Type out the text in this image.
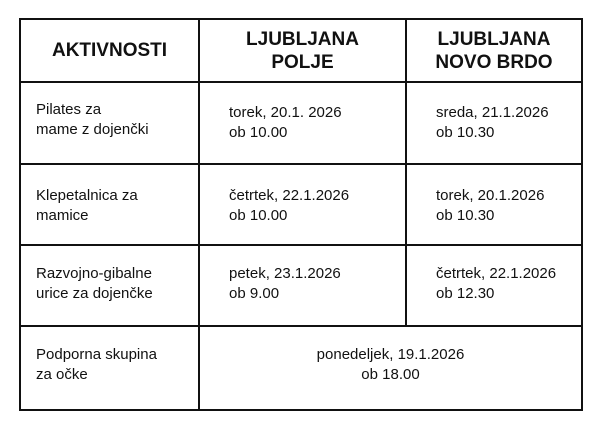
AKTIVNOSTI
LJUBLJANA
POLJE
LJUBLJANA
NOVO BRDO
Pilates za
mame z dojenčki
torek, 20.1. 2026
ob 10.00
sreda, 21.1.2026
ob 10.30
Klepetalnica za
mamice
četrtek, 22.1.2026
ob 10.00
torek, 20.1.2026
ob 10.30
Razvojno-gibalne
urice za dojenčke
petek, 23.1.2026
ob 9.00
četrtek, 22.1.2026
ob 12.30
Podporna skupina
za očke
ponedeljek, 19.1.2026
ob 18.00
